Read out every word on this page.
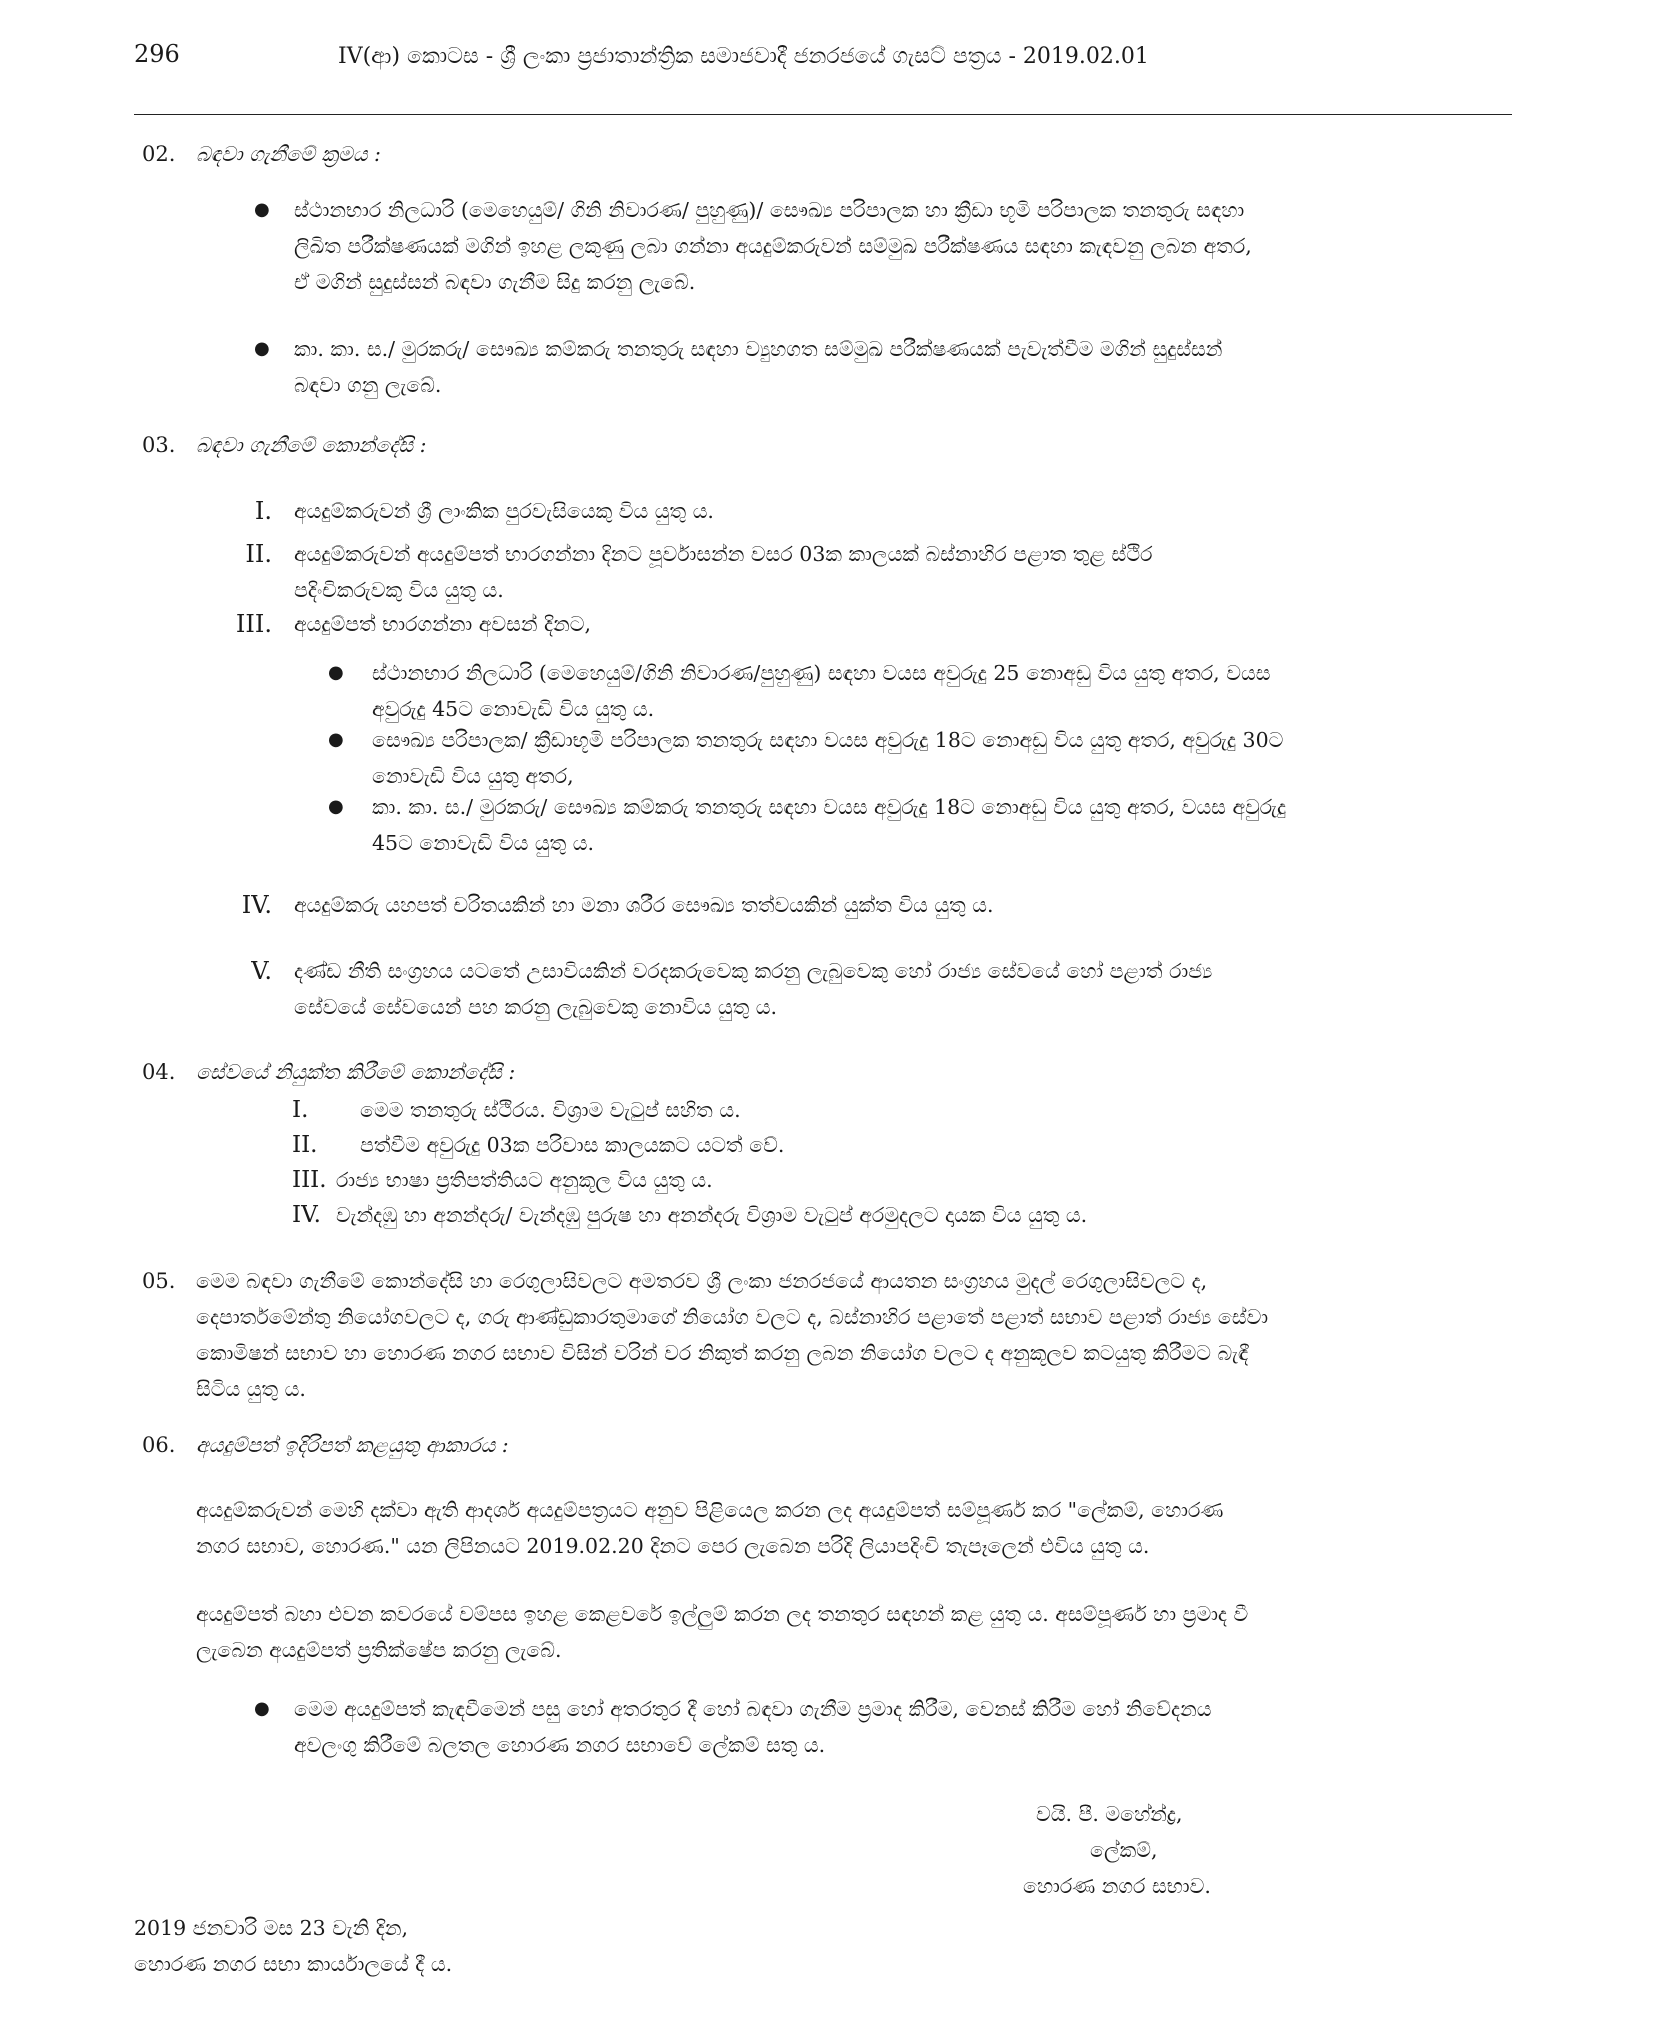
296	IV(ආ) කොටස - ශ්‍රී ලංකා ප්‍රජාතාන්ත්‍රික සමාජවාදී ජනරජයේ ගැසට් පත්‍රය - 2019.02.01
02. බඳවා ගැනීමේ ක්‍රමය :
● ස්ථානභාර නිලධාරි (මෙහෙයුම්/ ගිනි නිවාරණ/ පුහුණු)/ සෞඛ්‍ය පරිපාලක හා ක්‍රීඩා භූමි පරිපාලක තනතුරු සඳහා
ලිඛිත පරීක්ෂණයක් මගින් ඉහළ ලකුණු ලබා ගන්නා අයදුම්කරුවන් සම්මුඛ පරීක්ෂණය සඳහා කැඳවනු ලබන අතර,
ඒ මගින් සුදුස්සන් බඳවා ගැනීම සිදු කරනු ලැබේ.
● කා. කා. ස./ මුරකරු/ සෞඛ්‍ය කම්කරු තනතුරු සඳහා ව්‍යුහගත සම්මුඛ පරීක්ෂණයක් පැවැත්වීම මගින් සුදුස්සන්
බඳවා ගනු ලැබේ.
03. බඳවා ගැනීමේ කොන්දේසි :
I. අයදුම්කරුවන් ශ්‍රී ලාංකික පුරවැසියෙකු විය යුතු ය.
II. අයදුම්කරුවන් අයදුම්පත් භාරගන්නා දිනට පූර්වාසන්න වසර 03ක කාලයක් බස්නාහිර පළාත තුළ ස්ථිර
පදිංචිකරුවකු විය යුතු ය.
III. අයදුම්පත් භාරගන්නා අවසන් දිනට,
● ස්ථානභාර නිලධාරි (මෙහෙයුම්/ගිනි නිවාරණ/පුහුණු) සඳහා වයස අවුරුදු 25 නොඅඩු විය යුතු අතර, වයස
අවුරුදු 45ට නොවැඩි විය යුතු ය.
● සෞඛ්‍ය පරිපාලක/ ක්‍රීඩාභූමි පරිපාලක තනතුරු සඳහා වයස අවුරුදු 18ට නොඅඩු විය යුතු අතර, අවුරුදු 30ට
නොවැඩි විය යුතු අතර,
● කා. කා. ස./ මුරකරු/ සෞඛ්‍ය කම්කරු තනතුරු සඳහා වයස අවුරුදු 18ට නොඅඩු විය යුතු අතර, වයස අවුරුදු
45ට නොවැඩි විය යුතු ය.
IV. අයදුම්කරු යහපත් චරිතයකින් හා මනා ශරීර සෞඛ්‍ය තත්වයකින් යුක්ත විය යුතු ය.
V. දණ්ඩ නීති සංග්‍රහය යටතේ උසාවියකින් වරදකරුවෙකු කරනු ලැබුවෙකු හෝ රාජ්‍ය සේවයේ හෝ පළාත් රාජ්‍ය
සේවයේ සේවයෙන් පහ කරනු ලැබුවෙකු නොවිය යුතු ය.
04. සේවයේ නියුක්ත කිරීමේ කොන්දේසි :
I.	මෙම තනතුරු ස්ථිරය. විශ්‍රාම වැටුප් සහිත ය.
II. පත්වීම අවුරුදු 03ක පරිවාස කාලයකට යටත් වේ.
III. රාජ්‍ය භාෂා ප්‍රතිපත්තියට අනුකූල විය යුතු ය.
IV. වැන්දඹු හා අනන්දරු/ වැන්දඹු පුරුෂ හා අනන්දරු විශ්‍රාම වැටුප් අරමුදලට දායක විය යුතු ය.
05. මෙම බඳවා ගැනීමේ කොන්දේසි හා රෙගුලාසිවලට අමතරව ශ්‍රී ලංකා ජනරජයේ ආයතන සංග්‍රහය මුදල් රෙගුලාසිවලට ද,
දෙපාර්තමේන්තු නියෝගවලට ද, ගරු ආණ්ඩුකාරතුමාගේ නියෝග වලට ද, බස්නාහිර පළාතේ පළාත් සභාව පළාත් රාජ්‍ය සේවා
කොමිෂන් සභාව හා හොරණ නගර සභාව විසින් වරින් වර නිකුත් කරනු ලබන නියෝග වලට ද අනුකූලව කටයුතු කිරීමට බැඳී
සිටිය යුතු ය.
06. අයදුම්පත් ඉදිරිපත් කළයුතු ආකාරය :
අයදුම්කරුවන් මෙහි දක්වා ඇති ආදර්ශ අයදුම්පත්‍රයට අනුව පිළියෙල කරන ලද අයදුම්පත් සම්පූර්ණ කර "ලේකම්, හොරණ
නගර සභාව, හොරණ." යන ලිපිනයට 2019.02.20 දිනට පෙර ලැබෙන පරිදි ලියාපදිංචි තැපෑලෙන් එවිය යුතු ය.
අයදුම්පත් බහා එවන කවරයේ වම්පස ඉහළ කෙළවරේ ඉල්ලුම් කරන ලද තනතුර සඳහන් කළ යුතු ය. අසම්පූර්ණ හා ප්‍රමාද වී
ලැබෙන අයදුම්පත් ප්‍රතික්ෂේප කරනු ලැබේ.
● මෙම අයදුම්පත් කැඳවීමෙන් පසු හෝ අතරතුර දී හෝ බඳවා ගැනීම ප්‍රමාද කිරීම, වෙනස් කිරීම හෝ නිවේදනය
අවලංගු කිරීමේ බලතල හොරණ නගර සභාවේ ලේකම් සතු ය.
වයි. පී. මහේන්ද්‍ර,
ලේකම්,
හොරණ නගර සභාව.
2019 ජනවාරි මස 23 වැනි දින,
හොරණ නගර සභා කාර්යාලයේ දී ය.
